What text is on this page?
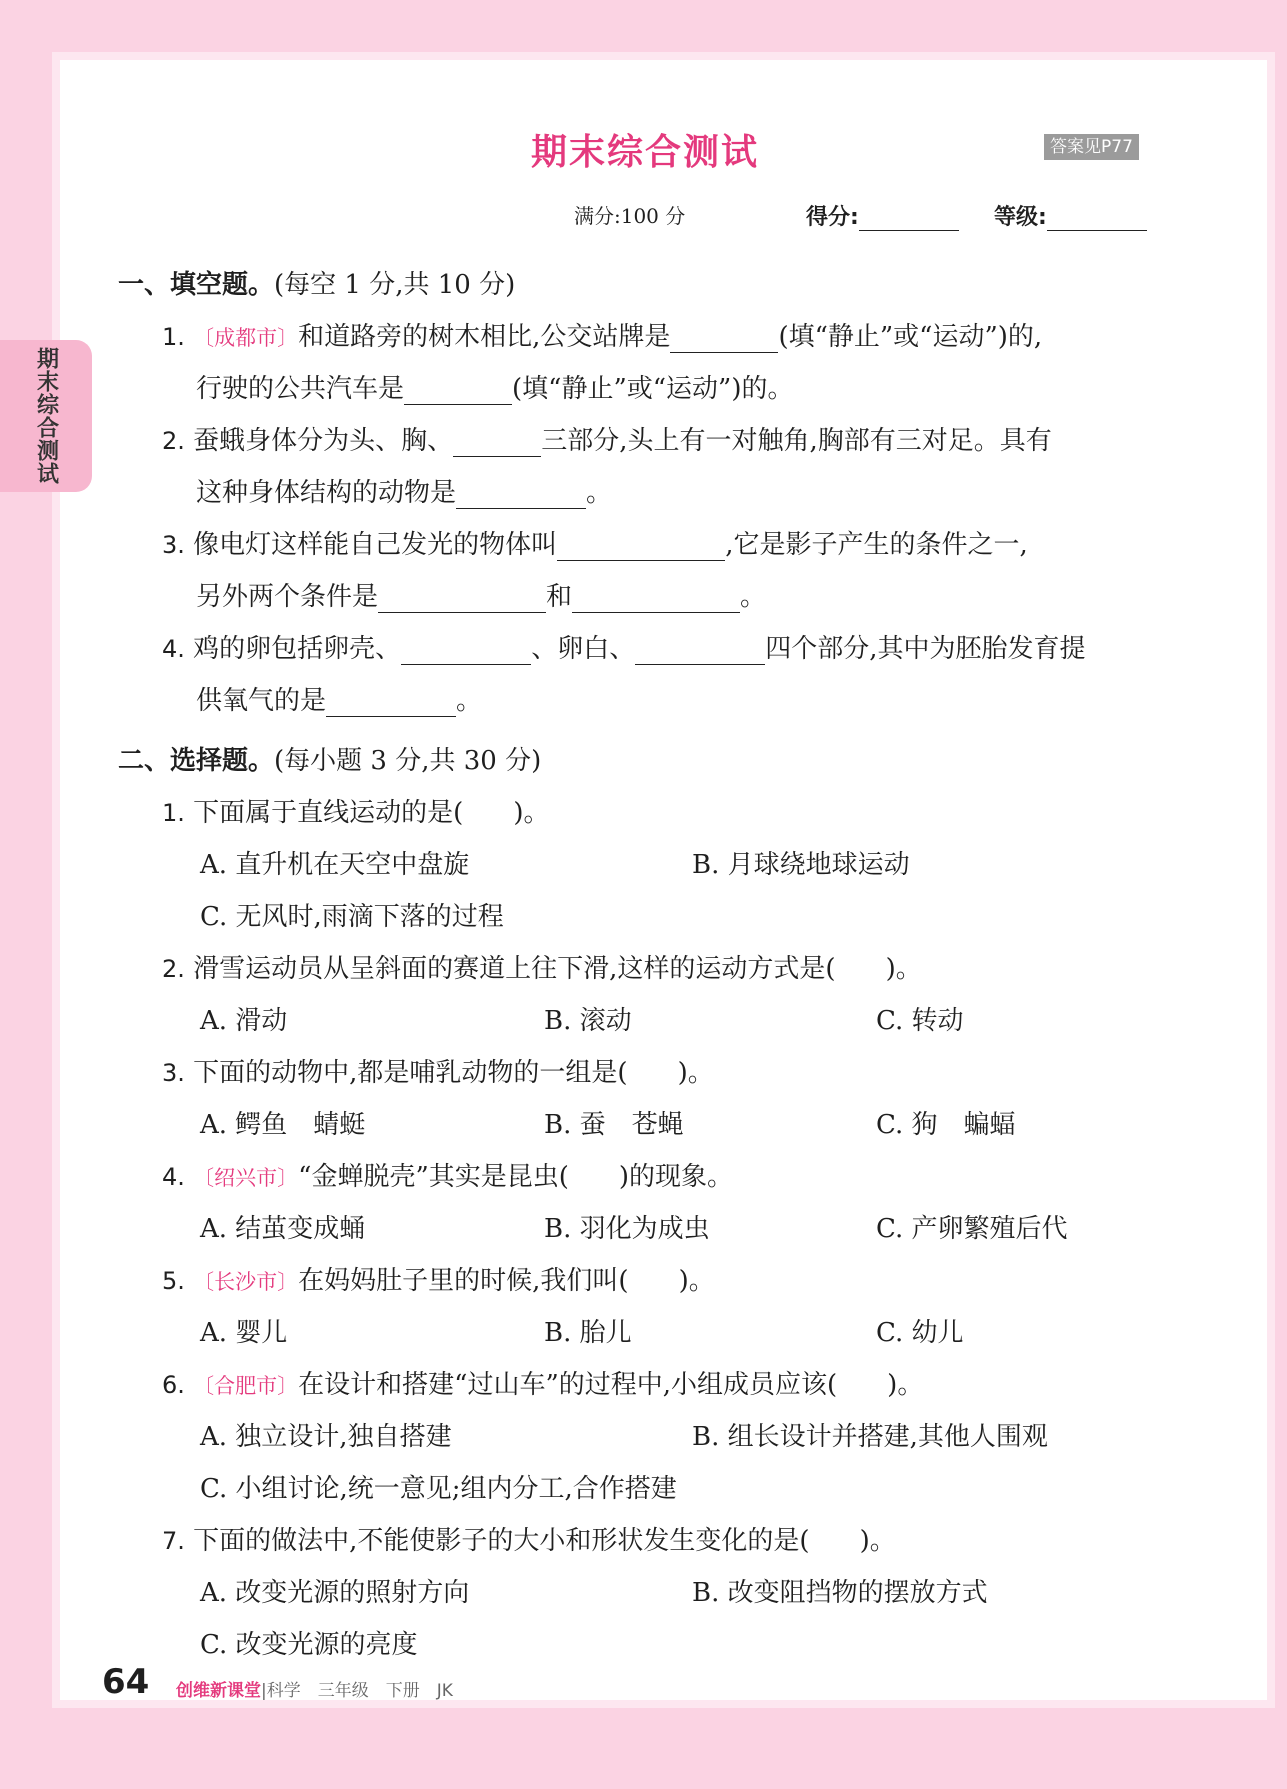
期末综合测试
期末综合测试	答案见P77
满分:100 分	得分:	等级:
一、填空题。(每空 1 分,共 10 分)
1. 〔成都市〕和道路旁的树木相比,公交站牌是	(填“静止”或“运动”)的,
行驶的公共汽车是	(填“静止”或“运动”)的。
2. 蚕蛾身体分为头、胸、	三部分,头上有一对触角,胸部有三对足。具有
这种身体结构的动物是	。
3. 像电灯这样能自己发光的物体叫	,它是影子产生的条件之一,
另外两个条件是	和	。
4. 鸡的卵包括卵壳、	、卵白、	四个部分,其中为胚胎发育提
供氧气的是	。
二、选择题。(每小题 3 分,共 30 分)
1. 下面属于直线运动的是( )。
A. 直升机在天空中盘旋	B. 月球绕地球运动
C. 无风时,雨滴下落的过程
2. 滑雪运动员从呈斜面的赛道上往下滑,这样的运动方式是( )。
A. 滑动	B. 滚动	C. 转动
3. 下面的动物中,都是哺乳动物的一组是( )。
A. 鳄鱼　蜻蜓	B. 蚕　苍蝇	C. 狗　蝙蝠
4. 〔绍兴市〕“金蝉脱壳”其实是昆虫( )的现象。
A. 结茧变成蛹	B. 羽化为成虫	C. 产卵繁殖后代
5. 〔长沙市〕在妈妈肚子里的时候,我们叫( )。
A. 婴儿	B. 胎儿	C. 幼儿
6. 〔合肥市〕在设计和搭建“过山车”的过程中,小组成员应该( )。
A. 独立设计,独自搭建	B. 组长设计并搭建,其他人围观
C. 小组讨论,统一意见;组内分工,合作搭建
7. 下面的做法中,不能使影子的大小和形状发生变化的是( )。
A. 改变光源的照射方向	B. 改变阻挡物的摆放方式
C. 改变光源的亮度
64 创维新课堂|科学　三年级　下册　JK
